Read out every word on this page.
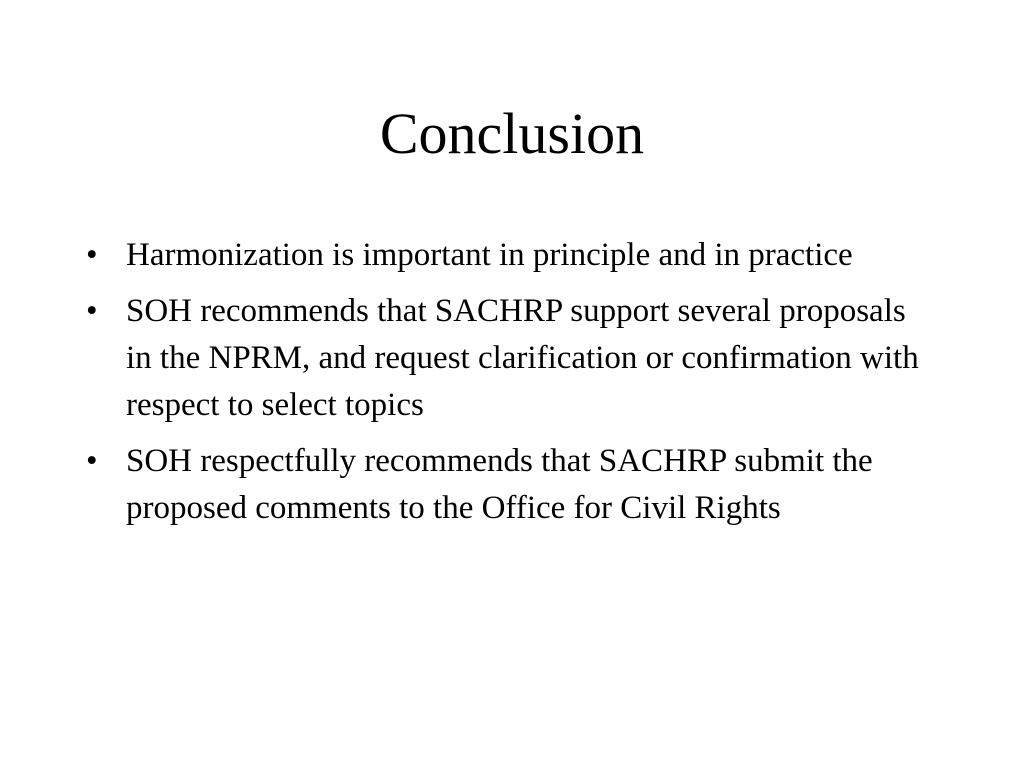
Conclusion
• Harmonization is important in principle and in practice
• SOH recommends that SACHRP support several proposals in the NPRM, and request clarification or confirmation with respect to select topics
• SOH respectfully recommends that SACHRP submit the proposed comments to the Office for Civil Rights
